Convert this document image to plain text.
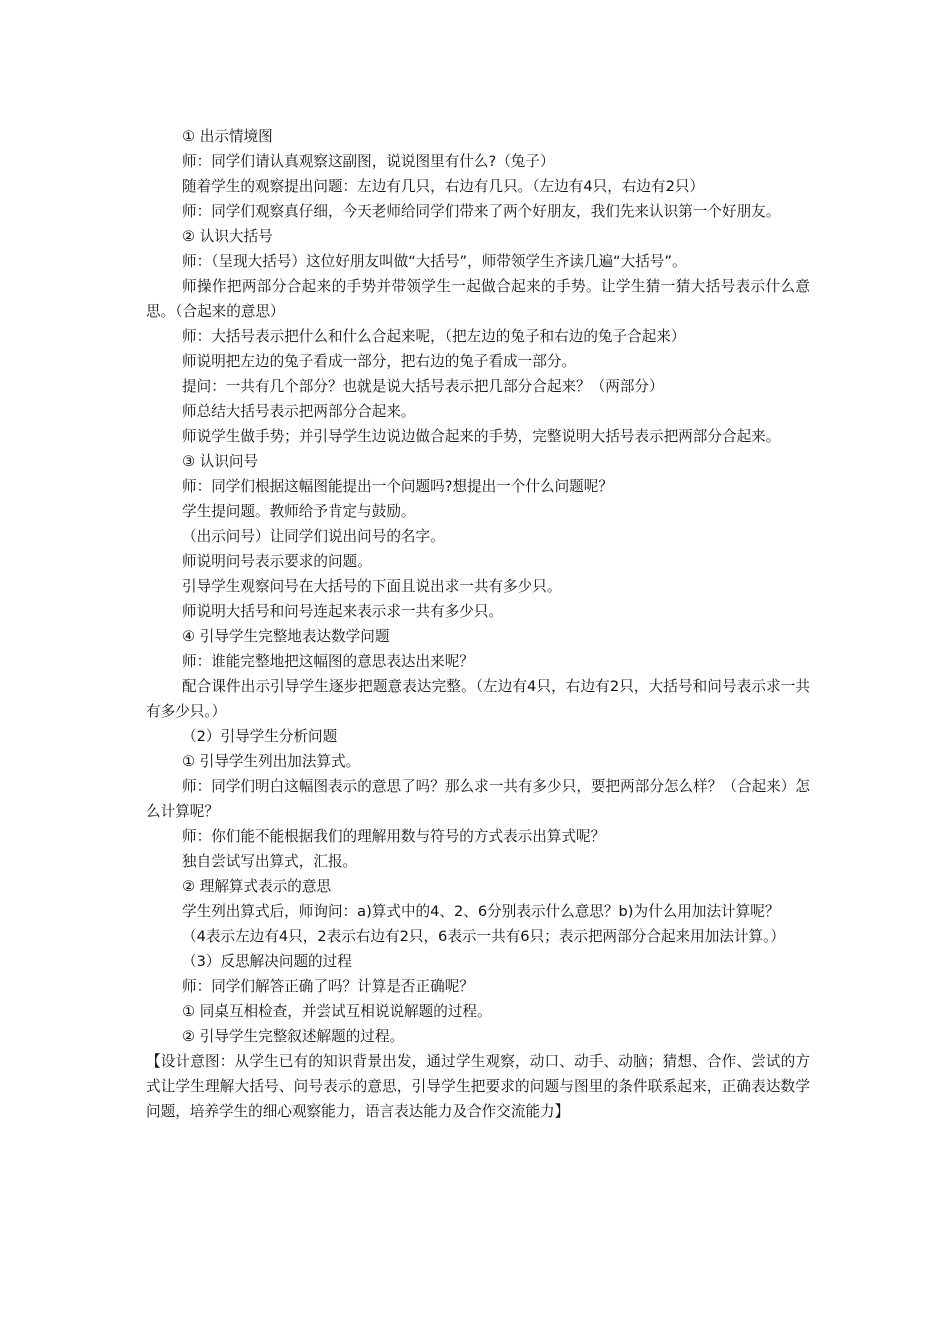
① 出示情境图

师：同学们请认真观察这副图，说说图里有什么?（兔子）

随着学生的观察提出问题：左边有几只，右边有几只。（左边有4只，右边有2只）

师：同学们观察真仔细，今天老师给同学们带来了两个好朋友，我们先来认识第一个好朋友。

② 认识大括号

师：（呈现大括号）这位好朋友叫做“大括号”，师带领学生齐读几遍“大括号”。

师操作把两部分合起来的手势并带领学生一起做合起来的手势。让学生猜一猜大括号表示什么意思。（合起来的意思）

师：大括号表示把什么和什么合起来呢，（把左边的兔子和右边的兔子合起来）

师说明把左边的兔子看成一部分，把右边的兔子看成一部分。

提问：一共有几个部分？也就是说大括号表示把几部分合起来？（两部分）

师总结大括号表示把两部分合起来。

师说学生做手势；并引导学生边说边做合起来的手势，完整说明大括号表示把两部分合起来。

③ 认识问号

师：同学们根据这幅图能提出一个问题吗?想提出一个什么问题呢？

学生提问题。教师给予肯定与鼓励。

（出示问号）让同学们说出问号的名字。

师说明问号表示要求的问题。

引导学生观察问号在大括号的下面且说出求一共有多少只。

师说明大括号和问号连起来表示求一共有多少只。

④ 引导学生完整地表达数学问题

师：谁能完整地把这幅图的意思表达出来呢？

配合课件出示引导学生逐步把题意表达完整。（左边有4只，右边有2只，大括号和问号表示求一共有多少只。）

（2）引导学生分析问题

① 引导学生列出加法算式。

师：同学们明白这幅图表示的意思了吗？那么求一共有多少只，要把两部分怎么样？（合起来）怎么计算呢？

师：你们能不能根据我们的理解用数与符号的方式表示出算式呢？

独自尝试写出算式，汇报。

② 理解算式表示的意思

学生列出算式后，师询问：a)算式中的4、2、6分别表示什么意思？b)为什么用加法计算呢？

（4表示左边有4只，2表示右边有2只，6表示一共有6只；表示把两部分合起来用加法计算。）

（3）反思解决问题的过程

师：同学们解答正确了吗？计算是否正确呢？

① 同桌互相检查，并尝试互相说说解题的过程。

② 引导学生完整叙述解题的过程。

【设计意图：从学生已有的知识背景出发，通过学生观察，动口、动手、动脑；猜想、合作、尝试的方式让学生理解大括号、问号表示的意思，引导学生把要求的问题与图里的条件联系起来，正确表达数学问题，培养学生的细心观察能力，语言表达能力及合作交流能力】
